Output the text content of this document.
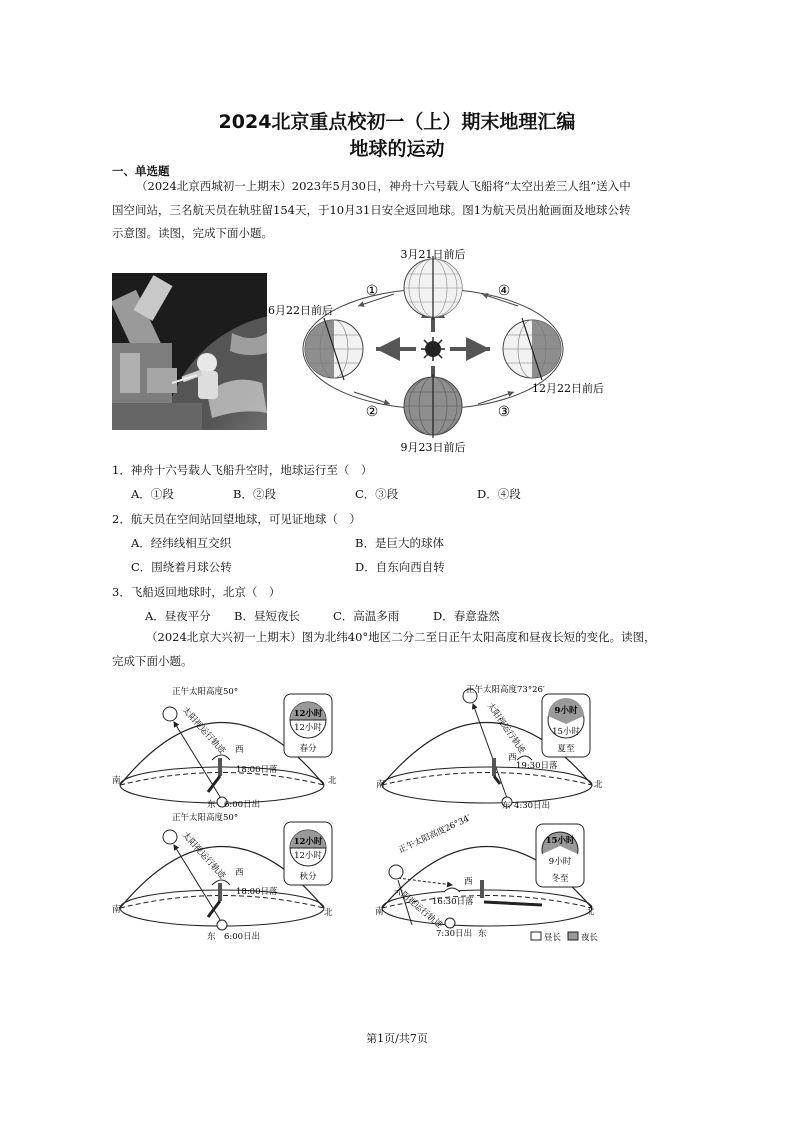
2024北京重点校初一（上）期末地理汇编
地球的运动
一、单选题
（2024北京西城初一上期末）2023年5月30日，神舟十六号载人飞船将“太空出差三人组”送入中
国空间站，三名航天员在轨驻留154天，于10月31日安全返回地球。图1为航天员出舱画面及地球公转
示意图。读图，完成下面小题。
3月21日前后
6月22日前后
12月22日前后
9月23日前后
①
②	③
④
1．神舟十六号载人飞船升空时，地球运行至（　）
A．①段	B．②段	C．③段	D．④段
2．航天员在空间站回望地球，可见证地球（　）
A．经纬线相互交织	B．是巨大的球体
C．围绕着月球公转	D．自东向西自转
3．飞船返回地球时，北京（　）
A．昼夜平分 B．昼短夜长	C．高温多雨	D．春意盎然
（2024北京大兴初一上期末）图为北纬40°地区二分二至日正午太阳高度和昼夜长短的变化。读图，
完成下面小题。
正午太阳高度50°
太阳视运行轨迹 西
18:00日落
南	北
东 6:00日出
12小时
12小时
春分
正午太阳高度73°26′
太阳视运行轨迹
西
19:30日落
南	北
东 4:30日出
9小时
15小时
夏至
正午太阳高度50°
太阳视运行轨迹 西
18:00日落
南	北
东 6:00日出
12小时
12小时
秋分
正午太阳高度26°34′
太阳视运行轨迹
西
16:30日落
南	北
东
7:30日出
15小时
9小时
冬至
昼长 夜长
第1页/共7页
